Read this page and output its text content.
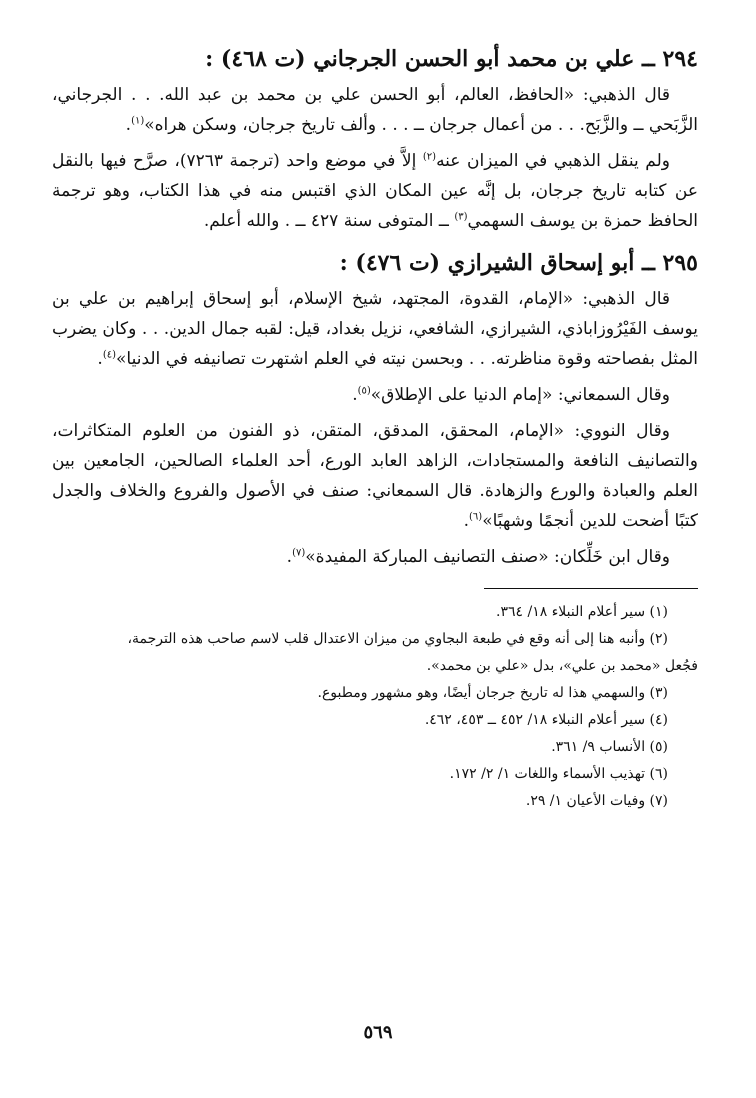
٢٩٤ ــ علي بن محمد أبو الحسن الجرجاني (ت ٤٦٨) :

قال الذهبي: «الحافظ، العالم، أبو الحسن علي بن محمد بن عبد الله. . . الجرجاني، الزَّبَحي ــ والزَّبَح. . . من أعمال جرجان ــ . . . وألف تاريخ جرجان، وسكن هراه»$^{(١)}$.

ولم ينقل الذهبي في الميزان عنه$^{(٢)}$ إلاَّ في موضع واحد (ترجمة ٧٢٦٣)، صرَّح فيها بالنقل عن كتابه تاريخ جرجان، بل إنَّه عين المكان الذي اقتبس منه في هذا الكتاب، وهو ترجمة الحافظ حمزة بن يوسف السهمي$^{(٣)}$ ــ المتوفى سنة ٤٢٧ ــ . والله أعلم.

٢٩٥ ــ أبو إسحاق الشيرازي (ت ٤٧٦) :

قال الذهبي: «الإمام، القدوة، المجتهد، شيخ الإسلام، أبو إسحاق إبراهيم بن علي بن يوسف الفَيْرُوزاباذي، الشيرازي، الشافعي، نزيل بغداد، قيل: لقبه جمال الدين. . . وكان يضرب المثل بفصاحته وقوة مناظرته. . . وبحسن نيته في العلم اشتهرت تصانيفه في الدنيا»$^{(٤)}$.

وقال السمعاني: «إمام الدنيا على الإطلاق»$^{(٥)}$.

وقال النووي: «الإمام، المحقق، المدقق، المتقن، ذو الفنون من العلوم المتكاثرات، والتصانيف النافعة والمستجادات، الزاهد العابد الورع، أحد العلماء الصالحين، الجامعين بين العلم والعبادة والورع والزهادة. قال السمعاني: صنف في الأصول والفروع والخلاف والجدل كتبًا أضحت للدين أنجمًا وشهبًا»$^{(٦)}$.

وقال ابن خَلِّكان: «صنف التصانيف المباركة المفيدة»$^{(٧)}$.

(١) سير أعلام النبلاء ١٨/ ٣٦٤.
(٢) وأنبه هنا إلى أنه وقع في طبعة البجاوي من ميزان الاعتدال قلب لاسم صاحب هذه الترجمة،
فجُعل «محمد بن علي»، بدل «علي بن محمد».
(٣) والسهمي هذا له تاريخ جرجان أيضًا، وهو مشهور ومطبوع.
(٤) سير أعلام النبلاء ١٨/ ٤٥٢ ــ ٤٥٣، ٤٦٢.
(٥) الأنساب ٩/ ٣٦١.
(٦) تهذيب الأسماء واللغات ١/ ٢/ ١٧٢.
(٧) وفيات الأعيان ١/ ٢٩.
٥٦٩
